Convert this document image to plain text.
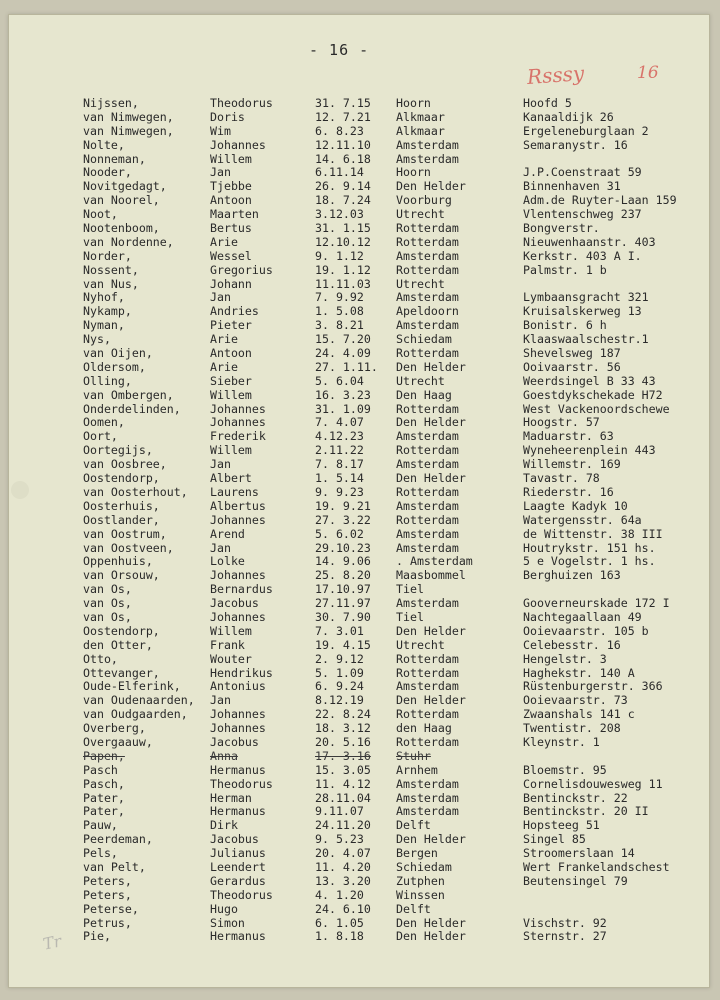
- 16 -
Rsssy	16
Nijssen,	Theodorus	31. 7.15 Hoorn	Hoofd 5
van Nimwegen,	Doris	12. 7.21 Alkmaar	Kanaaldijk 26
van Nimwegen,	Wim	6. 8.23	Alkmaar	Ergeleneburglaan 2
Nolte,	Johannes	12.11.10 Amsterdam	Semaranystr. 16
Nonneman,	Willem	14. 6.18 Amsterdam
Nooder,	Jan	6.11.14	Hoorn	J.P.Coenstraat 59
Novitgedagt,	Tjebbe	26. 9.14 Den Helder	Binnenhaven 31
van Noorel,	Antoon	18. 7.24 Voorburg	Adm.de Ruyter-Laan 159
Noot,	Maarten	3.12.03	Utrecht	Vlentenschweg 237
Nootenboom,	Bertus	31. 1.15 Rotterdam	Bongverstr.
van Nordenne,	Arie	12.10.12 Rotterdam	Nieuwenhaanstr. 403
Norder,	Wessel	9. 1.12	Amsterdam	Kerkstr. 403 A I.
Nossent,	Gregorius	19. 1.12 Rotterdam	Palmstr. 1 b
van Nus,	Johann	11.11.03 Utrecht
Nyhof,	Jan	7. 9.92	Amsterdam	Lymbaansgracht 321
Nykamp,	Andries	1. 5.08	Apeldoorn	Kruisalskerweg 13
Nyman,	Pieter	3. 8.21	Amsterdam	Bonistr. 6 h
Nys,	Arie	15. 7.20 Schiedam	Klaaswaalschestr.1
van Oijen,	Antoon	24. 4.09 Rotterdam	Shevelsweg 187
Oldersom,	Arie	27. 1.11. Den Helder	Ooivaarstr. 56
Olling,	Sieber	5. 6.04	Utrecht	Weerdsingel B 33 43
van Ombergen,	Willem	16. 3.23 Den Haag	Goestdykschekade H72
Onderdelinden,	Johannes	31. 1.09 Rotterdam	West Vackenoordschewe
Oomen,	Johannes	7. 4.07	Den Helder	Hoogstr. 57
Oort,	Frederik	4.12.23	Amsterdam	Maduarstr. 63
Oortegijs,	Willem	2.11.22	Rotterdam	Wyneheerenplein 443
van Oosbree,	Jan	7. 8.17	Amsterdam	Willemstr. 169
Oostendorp,	Albert	1. 5.14	Den Helder	Tavastr. 78
van Oosterhout, Laurens	9. 9.23	Rotterdam	Riederstr. 16
Oosterhuis,	Albertus	19. 9.21 Amsterdam	Laagte Kadyk 10
Oostlander,	Johannes	27. 3.22 Rotterdam	Watergensstr. 64a
van Oostrum,	Arend	5. 6.02	Amsterdam	de Wittenstr. 38 III
van Oostveen,	Jan	29.10.23 Amsterdam	Houtrykstr. 151 hs.
Oppenhuis,	Lolke	14. 9.06 . Amsterdam	5 e Vogelstr. 1 hs.
van Orsouw,	Johannes	25. 8.20 Maasbommel	Berghuizen 163
van Os,	Bernardus	17.10.97 Tiel
van Os,	Jacobus	27.11.97 Amsterdam	Gooverneurskade 172 I
van Os,	Johannes	30. 7.90 Tiel	Nachtegaallaan 49
Oostendorp,	Willem	7. 3.01	Den Helder	Ooievaarstr. 105 b
den Otter,	Frank	19. 4.15 Utrecht	Celebesstr. 16
Otto,	Wouter	2. 9.12	Rotterdam	Hengelstr. 3
Ottevanger,	Hendrikus	5. 1.09	Rotterdam	Haghekstr. 140 A
Oude-Elferink,	Antonius	6. 9.24	Amsterdam	Rüstenburgerstr. 366
van Oudenaarden, Jan	8.12.19	Den Helder	Ooievaarstr. 73
van Oudgaarden, Johannes	22. 8.24 Rotterdam	Zwaanshals 141 c
Overberg,	Johannes	18. 3.12 den Haag	Twentistr. 208
Overgaauw,	Jacobus	20. 5.16 Rotterdam	Kleynstr. 1
Papen,	Anna	17. 3.16 Stuhr
Pasch	Hermanus	15. 3.05 Arnhem	Bloemstr. 95
Pasch,	Theodorus	11. 4.12 Amsterdam	Cornelisdouwesweg 11
Pater,	Herman	28.11.04 Amsterdam	Bentinckstr. 22
Pater,	Hermanus	9.11.07	Amsterdam	Bentinckstr. 20 II
Pauw,	Dirk	24.11.20 Delft	Hopsteeg 51
Peerdeman,	Jacobus	9. 5.23	Den Helder	Singel 85
Pels,	Julianus	20. 4.07 Bergen	Stroomerslaan 14
van Pelt,	Leendert	11. 4.20 Schiedam	Wert Frankelandschest
Peters,	Gerardus	13. 3.20 Zutphen	Beutensingel 79
Peters,	Theodorus	4. 1.20	Winssen
Peterse,	Hugo	24. 6.10 Delft
Petrus,	Simon	6. 1.05	Den Helder	Vischstr. 92
Pie,	Hermanus	1. 8.18	Den Helder	Sternstr. 27
Tr
